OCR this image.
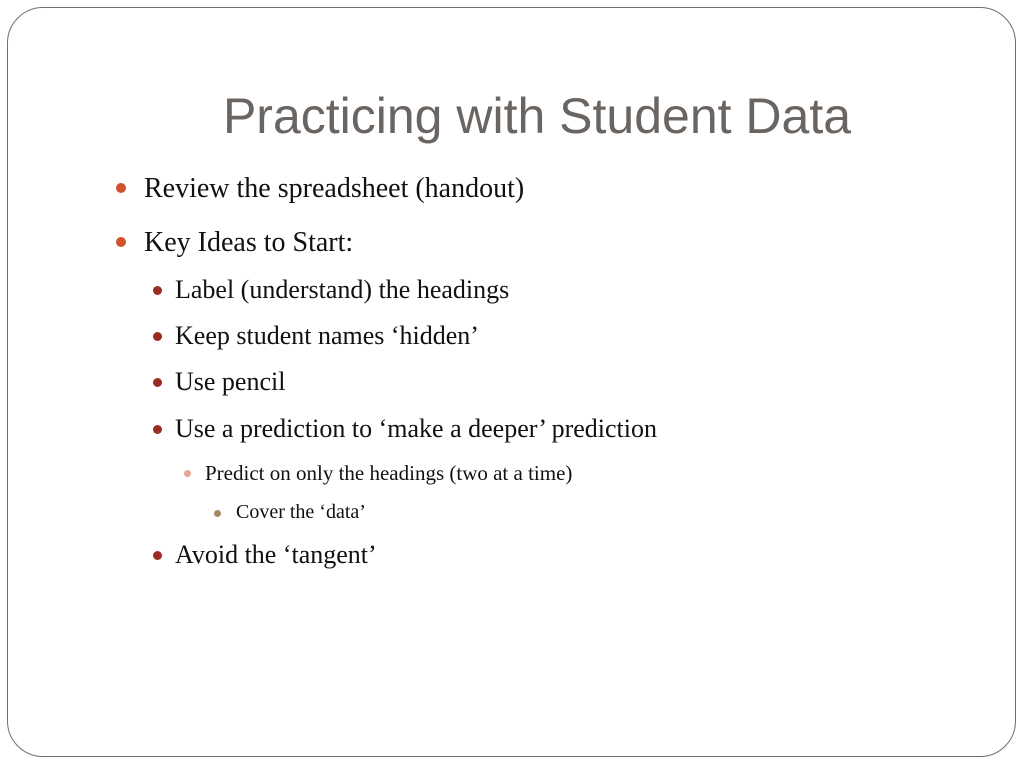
Practicing with Student Data
Review the spreadsheet (handout)
Key Ideas to Start:
Label (understand) the headings
Keep student names ‘hidden’
Use pencil
Use a prediction to ‘make a deeper’ prediction
Predict on only the headings (two at a time)
Cover the ‘data’
Avoid the ‘tangent’
